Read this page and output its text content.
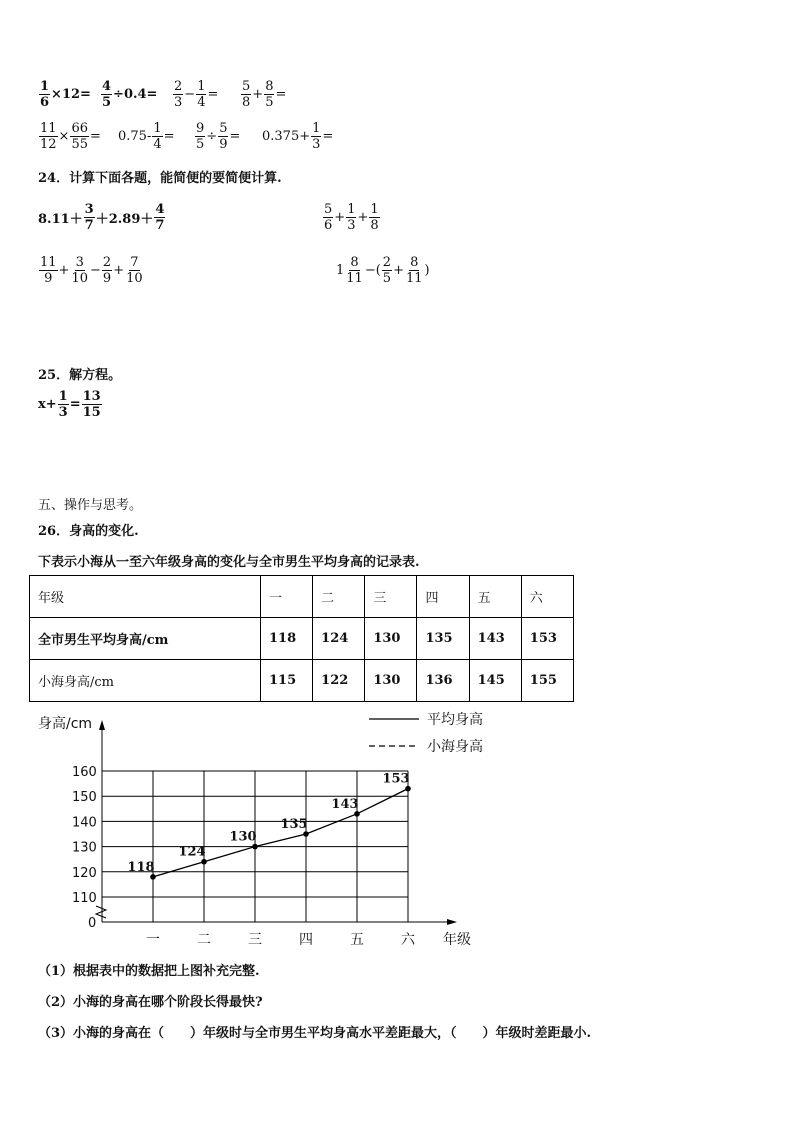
$\frac{1}{6} \times 12= \frac{4}{5} \div 0.4= \frac{2}{3} - \frac{1}{4} = \frac{5}{8} + \frac{8}{5}$ =
$\frac{11}{12} \times \frac{66}{55} = 0.75- \frac{1}{4} = \frac{9}{5} \div \frac{5}{9} = 0.375+ \frac{1}{3}$ =
24．计算下面各题，能简便的要简便计算.
$8.11+ \frac{3}{7} +2.89+ \frac{4}{7}$	$\frac{5}{6} + \frac{1}{3} + \frac{1}{8}$
$\frac{11}{9} + \frac{3}{10} - \frac{2}{9} + \frac{7}{10}$	$1 \frac{8}{11}$ −( $\frac{2}{5} + \frac{8}{11}$ )
25．解方程。
$x+ \frac{1}{3} = \frac{13}{15}$
五、操作与思考。
26．身高的变化.
下表示小海从一至六年级身高的变化与全市男生平均身高的记录表.
年级	一	二	三	四	五	六
全市男生平均身高/cm	118	124	130	135	143	153
小海身高/cm	115	122	130	136	145	155
身高/cm
160
150
140
130
120
110
0
一	二	三	四	五	六 年级
平均身高
小海身高
118
124
130
135
143
153
（1）根据表中的数据把上图补充完整.
（2）小海的身高在哪个阶段长得最快?
（3）小海的身高在（　　）年级时与全市男生平均身高水平差距最大，（　　）年级时差距最小.
